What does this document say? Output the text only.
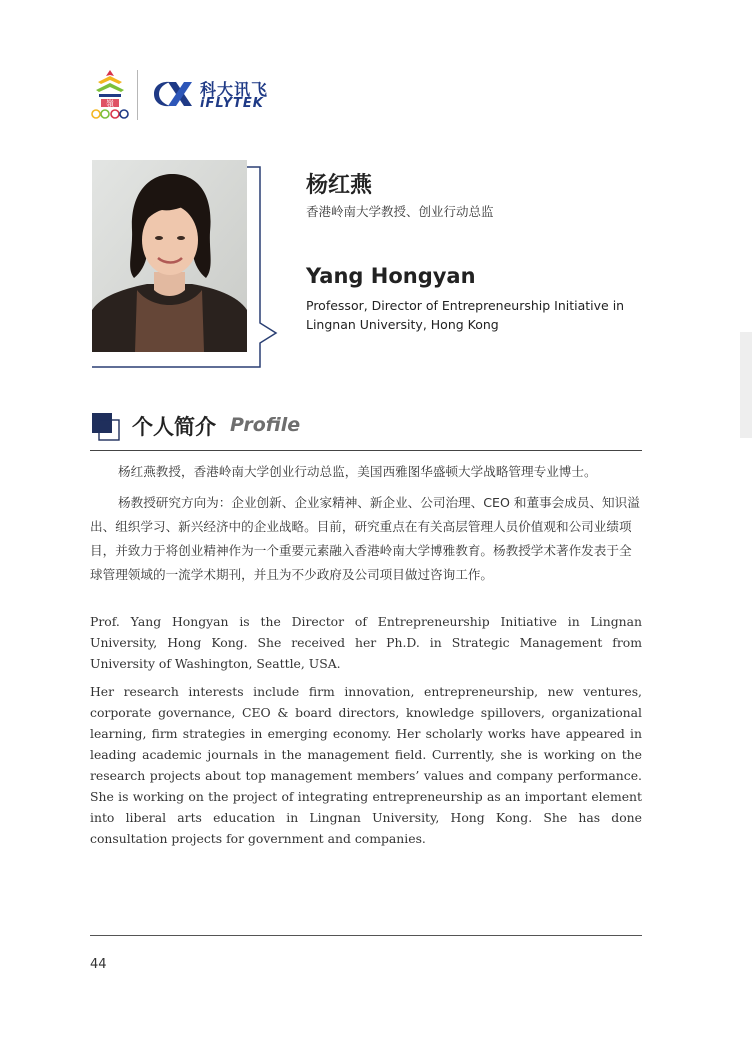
嶺
科大讯飞
iFLYTEK
杨红燕
香港岭南大学教授、创业行动总监
Yang Hongyan
Professor, Director of Entrepreneurship Initiative in
Lingnan University, Hong Kong
个人简介 Profile
杨红燕教授，香港岭南大学创业行动总监，美国西雅图华盛顿大学战略管理专业博士。
杨教授研究方向为：企业创新、企业家精神、新企业、公司治理、CEO 和董事会成员、知识溢出、组织学习、新兴经济中的企业战略。目前，研究重点在有关高层管理人员价值观和公司业绩项目，并致力于将创业精神作为一个重要元素融入香港岭南大学博雅教育。杨教授学术著作发表于全球管理领域的一流学术期刊，并且为不少政府及公司项目做过咨询工作。
Prof. Yang Hongyan is the Director of Entrepreneurship Initiative in Lingnan University, Hong Kong. She received her Ph.D. in Strategic Management from University of Washington, Seattle, USA.
Her research interests include firm innovation, entrepreneurship, new ventures, corporate governance, CEO & board directors, knowledge spillovers, organizational learning, firm strategies in emerging economy. Her scholarly works have appeared in leading academic journals in the management field. Currently, she is working on the research projects about top management members’ values and company performance. She is working on the project of integrating entrepreneurship as an important element into liberal arts education in Lingnan University, Hong Kong. She has done consultation projects for government and companies.
44
